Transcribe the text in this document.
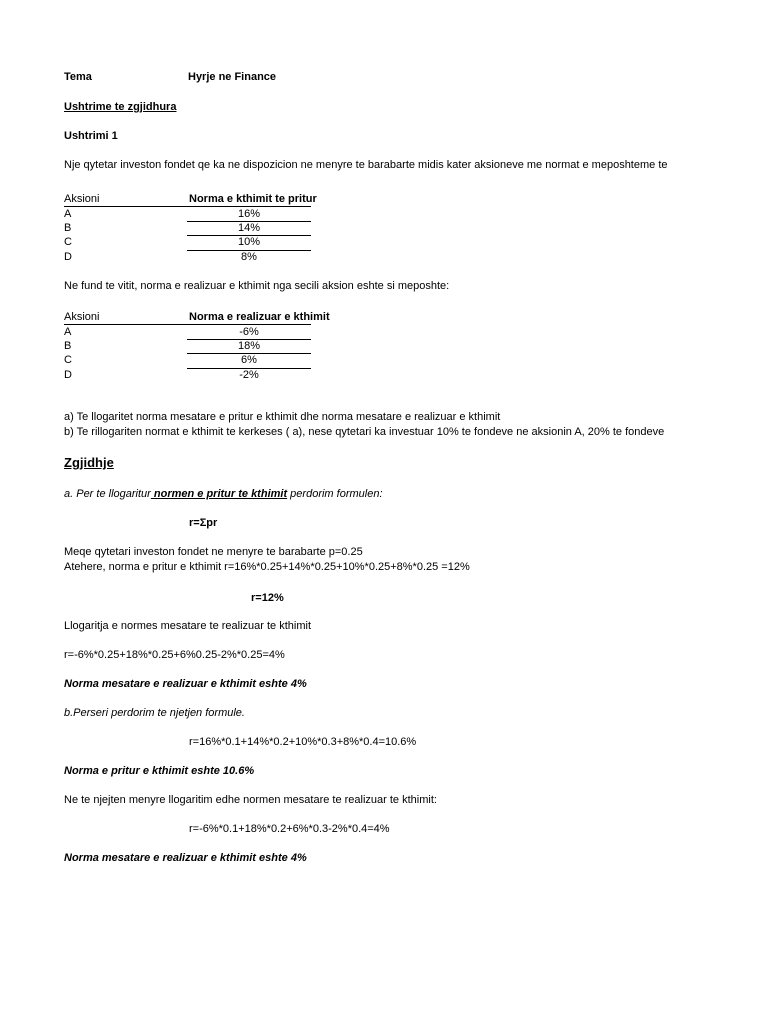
Tema	Hyrje ne Finance
Ushtrime te zgjidhura
Ushtrimi 1
Nje qytetar investon fondet qe ka ne dispozicion ne menyre te barabarte midis kater aksioneve me normat e meposhteme te
Aksioni	Norma e kthimit te pritur
A	16%
B	14%
C	10%
D	8%
Ne fund te vitit, norma e realizuar e kthimit nga secili aksion eshte si meposhte:
Aksioni	Norma e realizuar e kthimit
A	-6%
B	18%
C	6%
D	-2%
a) Te llogaritet norma mesatare e pritur e kthimit dhe norma mesatare e realizuar e kthimit
b) Te rillogariten normat e kthimit te kerkeses ( a), nese qytetari ka investuar 10% te fondeve ne aksionin A, 20% te fondeve
Zgjidhje
a. Per te llogaritur normen e pritur te kthimit perdorim formulen:
r=Σpr
Meqe qytetari investon fondet ne menyre te barabarte p=0.25
Atehere, norma e pritur e kthimit r=16%*0.25+14%*0.25+10%*0.25+8%*0.25 =12%
r=12%
Llogaritja e normes mesatare te realizuar te kthimit
r=-6%*0.25+18%*0.25+6%0.25-2%*0.25=4%
Norma mesatare e realizuar e kthimit eshte 4%
b.Perseri perdorim te njetjen formule.
r=16%*0.1+14%*0.2+10%*0.3+8%*0.4=10.6%
Norma e pritur e kthimit eshte 10.6%
Ne te njejten menyre llogaritim edhe normen mesatare te realizuar te kthimit:
r=-6%*0.1+18%*0.2+6%*0.3-2%*0.4=4%
Norma mesatare e realizuar e kthimit eshte 4%
